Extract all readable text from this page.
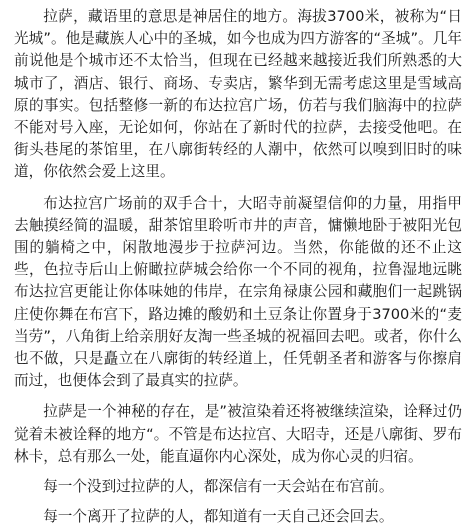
拉萨，藏语里的意思是神居住的地方。海拔3700米，被称为“日光城”。他是藏族人心中的圣城，如今也成为四方游客的“圣城”。几年前说他是个城市还不太恰当，但现在已经越来越接近我们所熟悉的大城市了，酒店、银行、商场、专卖店，繁华到无需考虑这里是雪域高原的事实。包括整修一新的布达拉宫广场，仿若与我们脑海中的拉萨不能对号入座，无论如何，你站在了新时代的拉萨，去接受他吧。在街头巷尾的茶馆里，在八廓街转经的人潮中，依然可以嗅到旧时的味道，你依然会爱上这里。

布达拉宫广场前的双手合十，大昭寺前凝望信仰的力量，用指甲去触摸经简的温暖，甜茶馆里聆听市井的声音，慵懒地卧于被阳光包围的躺椅之中，闲散地漫步于拉萨河边。当然，你能做的还不止这些，色拉寺后山上俯瞰拉萨城会给你一个不同的视角，拉鲁湿地远眺布达拉宫更能让你体味她的伟岸，在宗角禄康公园和藏胞们一起跳锅庄使你舞在布宫下，路边摊的酸奶和土豆条让你置身于3700米的“麦当劳”，八角街上给亲朋好友淘一些圣城的祝福回去吧。或者，你什么也不做，只是矗立在八廓街的转经道上，任凭朝圣者和游客与你擦肩而过，也便体会到了最真实的拉萨。

拉萨是一个神秘的存在，是”被渲染着还将被继续渲染，诠释过仍觉着未被诠释的地方“。不管是布达拉宫、大昭寺，还是八廓街、罗布林卡，总有那么一处，能直逼你内心深处，成为你心灵的归宿。

每一个没到过拉萨的人，都深信有一天会站在布宫前。

每一个离开了拉萨的人，都知道有一天自己还会回去。
